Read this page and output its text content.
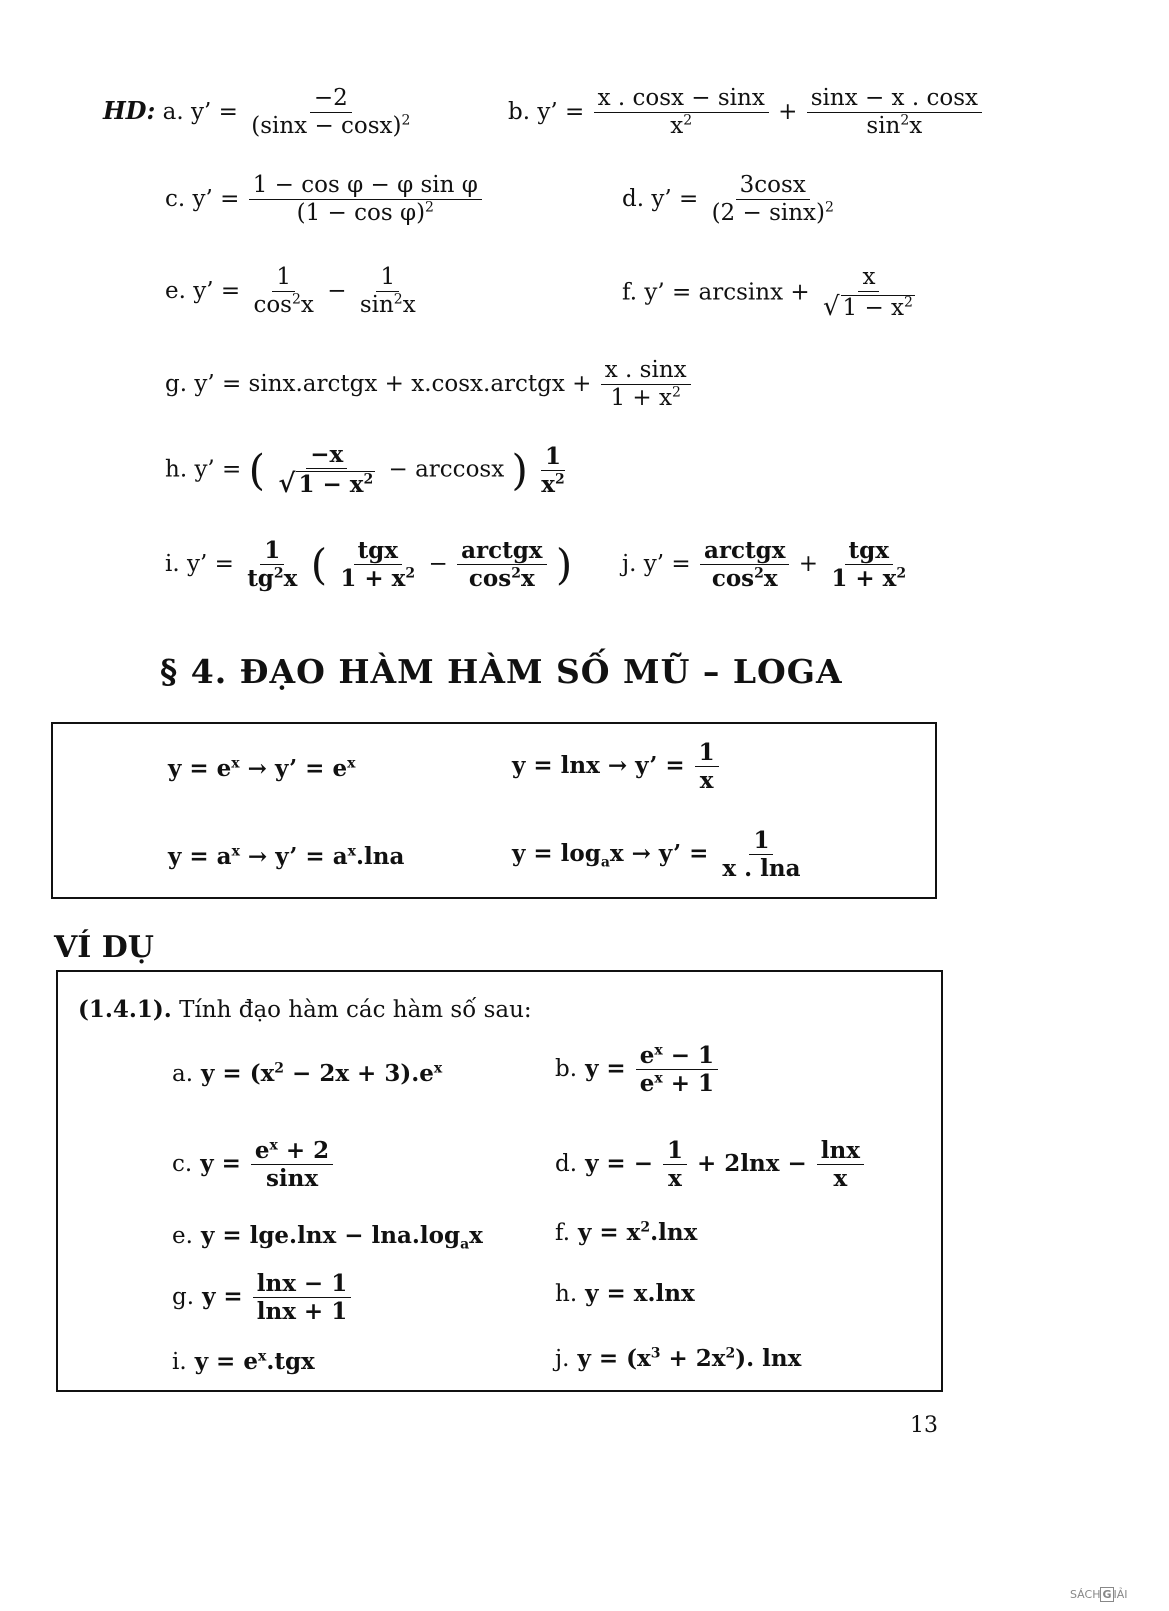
HD: a. y’ = $\frac{-2}{(\sin x - \cos x)^2}$	b. y’ = $\frac{x . \cos x - \sin x}{x^2} + \frac{\sin x - x . \cos x}{\sin^2x}$
c. y’ = $\frac{\text{1 − cos φ − φ sin φ}}{(1 - \cos \varphi)^2}$	d. y’ = $\frac{3\cos x}{(2 - \sin x)^2}$
e. y’ = $\frac{1}{\cos^2x} - \frac{1}{\sin^2x}$	f. y’ = $\arcsin x + \frac{x}{√ 1 - x^2}$
g. y’ = sinx.arctgx + x.cosx.arctgx + $\frac{x . \sin x}{1 + x^2}$
h. y’ = ( $\frac{-x}{√ 1 - x^2} - \arccos x$ ) $\frac{1}{x^2}$
i. y’ = $\frac{1}{tg^2x}$ ( $\frac{\text{tgx}}{1 + x^2} - \frac{\text{arctgx}}{\cos^2x}$ ) j. y’ = $\frac{\text{arctgx}}{\cos^2x} + \frac{\text{tgx}}{1 + x^2}$
§ 4. ĐẠO HÀM HÀM SỐ MŨ – LOGA
$y = e^x \to y$’ = $e^x$	y = lnx → y’ = $\frac{1}{x}$
$y = a^x \to y$’ = $a^x.\ln a$	$y = \log_ax \to y$’ = $\frac{1}{x . \ln a}$
VÍ DỤ
(1.4.1). Tính đạo hàm các hàm số sau:
a. $y = (x^2 - 2x + 3).e^x$	b. $y = \frac{e^x - 1}{e^x + 1}$
c. $y = \frac{e^x + 2}{\sin x}$	d. y = − $\frac{1}{x} + 2\ln x - \frac{\ln x}{x}$
e. $y = \lg e.\ln x - \ln a.\log_ax$	f. $y = x^2.\ln x$
g. $y = \frac{\ln x - 1}{\ln x + 1}$	h. y = x.lnx
i. $y = e^x.tgx$	j. $y = (x^3 + 2x^2)$. lnx
13
SÁCH G IẢI
